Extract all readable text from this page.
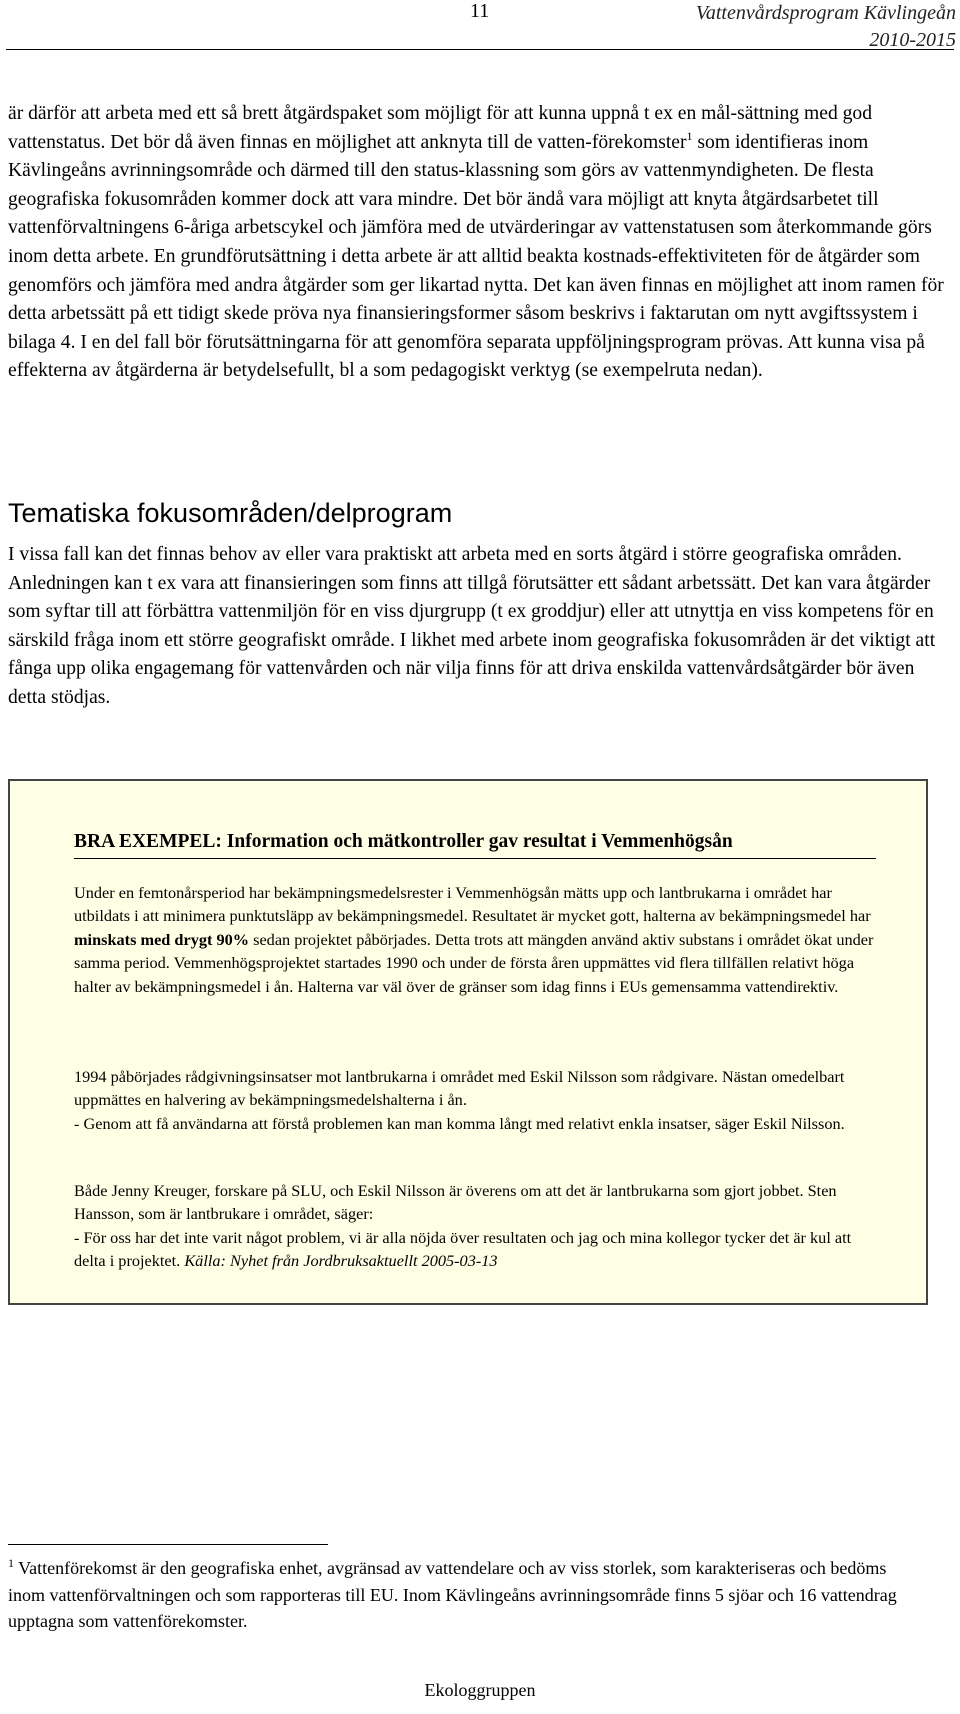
11	Vattenvårdsprogram Kävlingeån
2010-2015

är därför att arbeta med ett så brett åtgärdspaket som möjligt för att kunna uppnå t ex en mål-sättning med god vattenstatus. Det bör då även finnas en möjlighet att anknyta till de vatten-förekomster$^1$ som identifieras inom Kävlingeåns avrinningsområde och därmed till den status-klassning som görs av vattenmyndigheten. De flesta geografiska fokusområden kommer dock att vara mindre. Det bör ändå vara möjligt att knyta åtgärdsarbetet till vattenförvaltningens 6-åriga arbetscykel och jämföra med de utvärderingar av vattenstatusen som återkommande görs inom detta arbete. En grundförutsättning i detta arbete är att alltid beakta kostnads-effektiviteten för de åtgärder som genomförs och jämföra med andra åtgärder som ger likartad nytta. Det kan även finnas en möjlighet att inom ramen för detta arbetssätt på ett tidigt skede pröva nya finansieringsformer såsom beskrivs i faktarutan om nytt avgiftssystem i bilaga 4. I en del fall bör förutsättningarna för att genomföra separata uppföljningsprogram prövas. Att kunna visa på effekterna av åtgärderna är betydelsefullt, bl a som pedagogiskt verktyg (se exempelruta nedan).

Tematiska fokusområden/delprogram

I vissa fall kan det finnas behov av eller vara praktiskt att arbeta med en sorts åtgärd i större geografiska områden. Anledningen kan t ex vara att finansieringen som finns att tillgå förutsätter ett sådant arbetssätt. Det kan vara åtgärder som syftar till att förbättra vattenmiljön för en viss djurgrupp (t ex groddjur) eller att utnyttja en viss kompetens för en särskild fråga inom ett större geografiskt område. I likhet med arbete inom geografiska fokusområden är det viktigt att fånga upp olika engagemang för vattenvården och när vilja finns för att driva enskilda vattenvårdsåtgärder bör även detta stödjas.

BRA EXEMPEL: Information och mätkontroller gav resultat i Vemmenhögsån

Under en femtonårsperiod har bekämpningsmedelsrester i Vemmenhögsån mätts upp och lantbrukarna i området har utbildats i att minimera punktutsläpp av bekämpningsmedel. Resultatet är mycket gott, halterna av bekämpningsmedel har minskats med drygt 90% sedan projektet påbörjades. Detta trots att mängden använd aktiv substans i området ökat under samma period. Vemmenhögsprojektet startades 1990 och under de första åren uppmättes vid flera tillfällen relativt höga halter av bekämpningsmedel i ån. Halterna var väl över de gränser som idag finns i EUs gemensamma vattendirektiv.

1994 påbörjades rådgivningsinsatser mot lantbrukarna i området med Eskil Nilsson som rådgivare. Nästan omedelbart uppmättes en halvering av bekämpningsmedelshalterna i ån.
- Genom att få användarna att förstå problemen kan man komma långt med relativt enkla insatser, säger Eskil Nilsson.

Både Jenny Kreuger, forskare på SLU, och Eskil Nilsson är överens om att det är lantbrukarna som gjort jobbet. Sten Hansson, som är lantbrukare i området, säger:
- För oss har det inte varit något problem, vi är alla nöjda över resultaten och jag och mina kollegor tycker det är kul att delta i projektet. Källa: Nyhet från Jordbruksaktuellt 2005-03-13

$^1$ Vattenförekomst är den geografiska enhet, avgränsad av vattendelare och av viss storlek, som karakteriseras och bedöms inom vattenförvaltningen och som rapporteras till EU. Inom Kävlingeåns avrinningsområde finns 5 sjöar och 16 vattendrag upptagna som vattenförekomster.

Ekologgruppen
